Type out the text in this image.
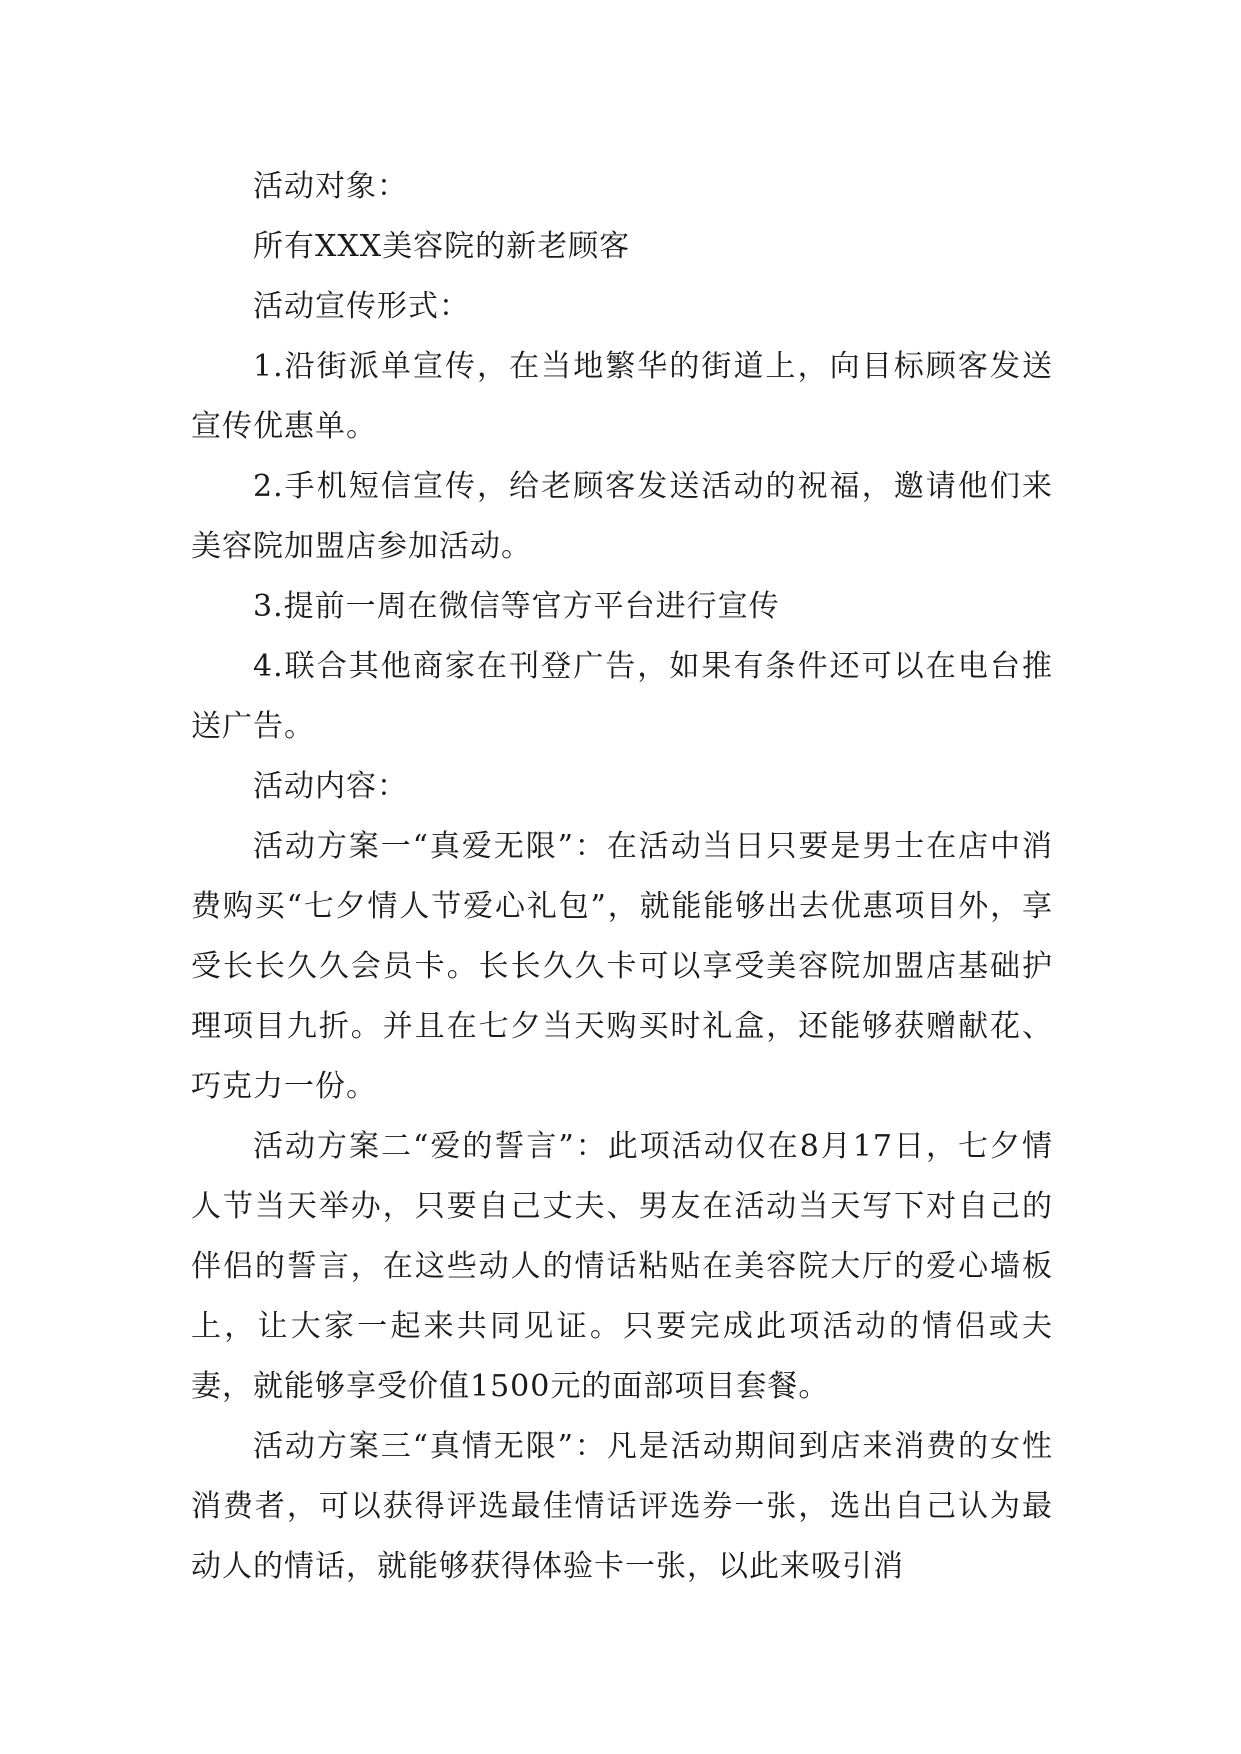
活动对象：

所有XXX美容院的新老顾客

活动宣传形式：

1.沿街派单宣传，在当地繁华的街道上，向目标顾客发送宣传优惠单。

2.手机短信宣传，给老顾客发送活动的祝福，邀请他们来美容院加盟店参加活动。

3.提前一周在微信等官方平台进行宣传

4.联合其他商家在刊登广告，如果有条件还可以在电台推送广告。

活动内容：

活动方案一“真爱无限”：在活动当日只要是男士在店中消费购买“七夕情人节爱心礼包”，就能能够出去优惠项目外，享受长长久久会员卡。长长久久卡可以享受美容院加盟店基础护理项目九折。并且在七夕当天购买时礼盒，还能够获赠献花、巧克力一份。

活动方案二“爱的誓言”：此项活动仅在8月17日，七夕情人节当天举办，只要自己丈夫、男友在活动当天写下对自己的伴侣的誓言，在这些动人的情话粘贴在美容院大厅的爱心墙板上，让大家一起来共同见证。只要完成此项活动的情侣或夫妻，就能够享受价值1500元的面部项目套餐。

活动方案三“真情无限”：凡是活动期间到店来消费的女性消费者，可以获得评选最佳情话评选券一张，选出自己认为最动人的情话，就能够获得体验卡一张，以此来吸引消
